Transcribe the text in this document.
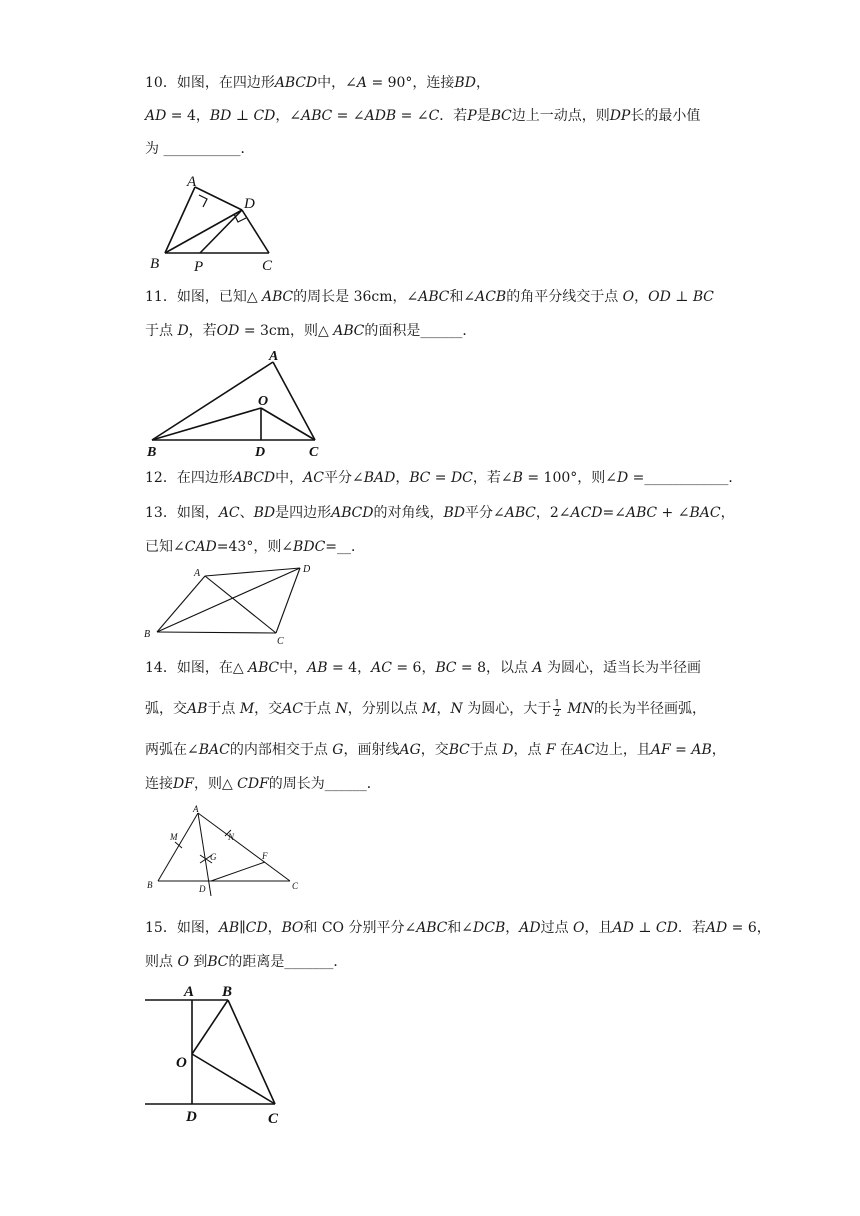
10．如图，在四边形𝐴𝐵𝐶𝐷中，∠𝐴 = 90°，连接𝐵𝐷，
𝐴𝐷 = 4，𝐵𝐷 ⊥ 𝐶𝐷，∠𝐴𝐵𝐶 = ∠𝐴𝐷𝐵 = ∠𝐶．若𝑃是𝐵𝐶边上一动点，则𝐷𝑃长的最小值
为 ___________．
A
D
B P	C
11．如图，已知△ 𝐴𝐵𝐶的周长是 36cm，∠𝐴𝐵𝐶和∠𝐴𝐶𝐵的角平分线交于点 𝑂，𝑂𝐷 ⊥ 𝐵𝐶
于点 𝐷，若𝑂𝐷 = 3cm，则△ 𝐴𝐵𝐶的面积是______．
A
O
B	D	C
12．在四边形𝐴𝐵𝐶𝐷中，𝐴𝐶平分∠𝐵𝐴𝐷，𝐵𝐶 = 𝐷𝐶，若∠𝐵 = 100°，则∠𝐷 =____________．
13．如图，𝐴𝐶、𝐵𝐷是四边形𝐴𝐵𝐶𝐷的对角线，𝐵𝐷平分∠𝐴𝐵𝐶，2∠𝐴𝐶𝐷=∠𝐴𝐵𝐶 + ∠𝐵𝐴𝐶，
已知∠𝐶𝐴𝐷=43°，则∠𝐵𝐷𝐶=__．
A	D
B
C
14．如图，在△ 𝐴𝐵𝐶中，𝐴𝐵 = 4，𝐴𝐶 = 6，𝐵𝐶 = 8，以点 𝐴 为圆心，适当长为半径画
弧，交𝐴𝐵于点 𝑀，交𝐴𝐶于点 𝑁，分别以点 𝑀，𝑁 为圆心，大于 $\frac{1}{2}$ 𝑀𝑁的长为半径画弧，
两弧在∠𝐵𝐴𝐶的内部相交于点 𝐺，画射线𝐴𝐺，交𝐵𝐶于点 𝐷，点 𝐹 在𝐴𝐶边上，且𝐴𝐹 = 𝐴𝐵，
连接𝐷𝐹，则△ 𝐶𝐷𝐹的周长为______．
A
M	N
G	F
B	D	C
15．如图，𝐴𝐵∥𝐶𝐷，𝐵𝑂和 CO 分别平分∠𝐴𝐵𝐶和∠𝐷𝐶𝐵，𝐴𝐷过点 𝑂，且𝐴𝐷 ⊥ 𝐶𝐷．若𝐴𝐷 = 6，
则点 𝑂 到𝐵𝐶的距离是_______．
A B
O
D	C
